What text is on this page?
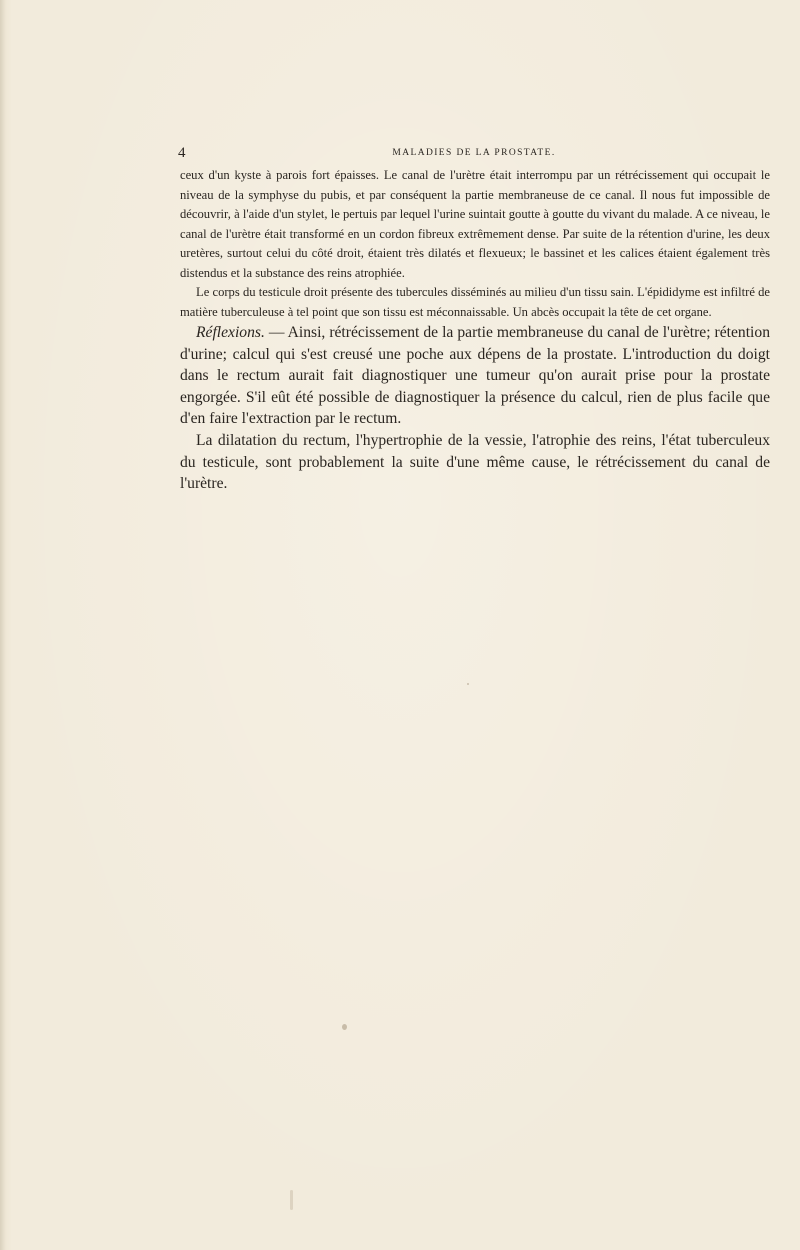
4	MALADIES DE LA PROSTATE.

ceux d'un kyste à parois fort épaisses. Le canal de l'urètre était interrompu par un rétrécissement qui occupait le niveau de la symphyse du pubis, et par conséquent la partie membraneuse de ce canal. Il nous fut impossible de découvrir, à l'aide d'un stylet, le pertuis par lequel l'urine suintait goutte à goutte du vivant du malade. A ce niveau, le canal de l'urètre était transformé en un cordon fibreux extrêmement dense. Par suite de la rétention d'urine, les deux uretères, surtout celui du côté droit, étaient très dilatés et flexueux; le bassinet et les calices étaient également très distendus et la substance des reins atrophiée.

Le corps du testicule droit présente des tubercules disséminés au milieu d'un tissu sain. L'épididyme est infiltré de matière tuberculeuse à tel point que son tissu est méconnaissable. Un abcès occupait la tête de cet organe.

Réflexions. — Ainsi, rétrécissement de la partie membraneuse du canal de l'urètre; rétention d'urine; calcul qui s'est creusé une poche aux dépens de la prostate. L'introduction du doigt dans le rectum aurait fait diagnostiquer une tumeur qu'on aurait prise pour la prostate engorgée. S'il eût été possible de diagnostiquer la présence du calcul, rien de plus facile que d'en faire l'extraction par le rectum.

La dilatation du rectum, l'hypertrophie de la vessie, l'atrophie des reins, l'état tuberculeux du testicule, sont probablement la suite d'une même cause, le rétrécissement du canal de l'urètre.
